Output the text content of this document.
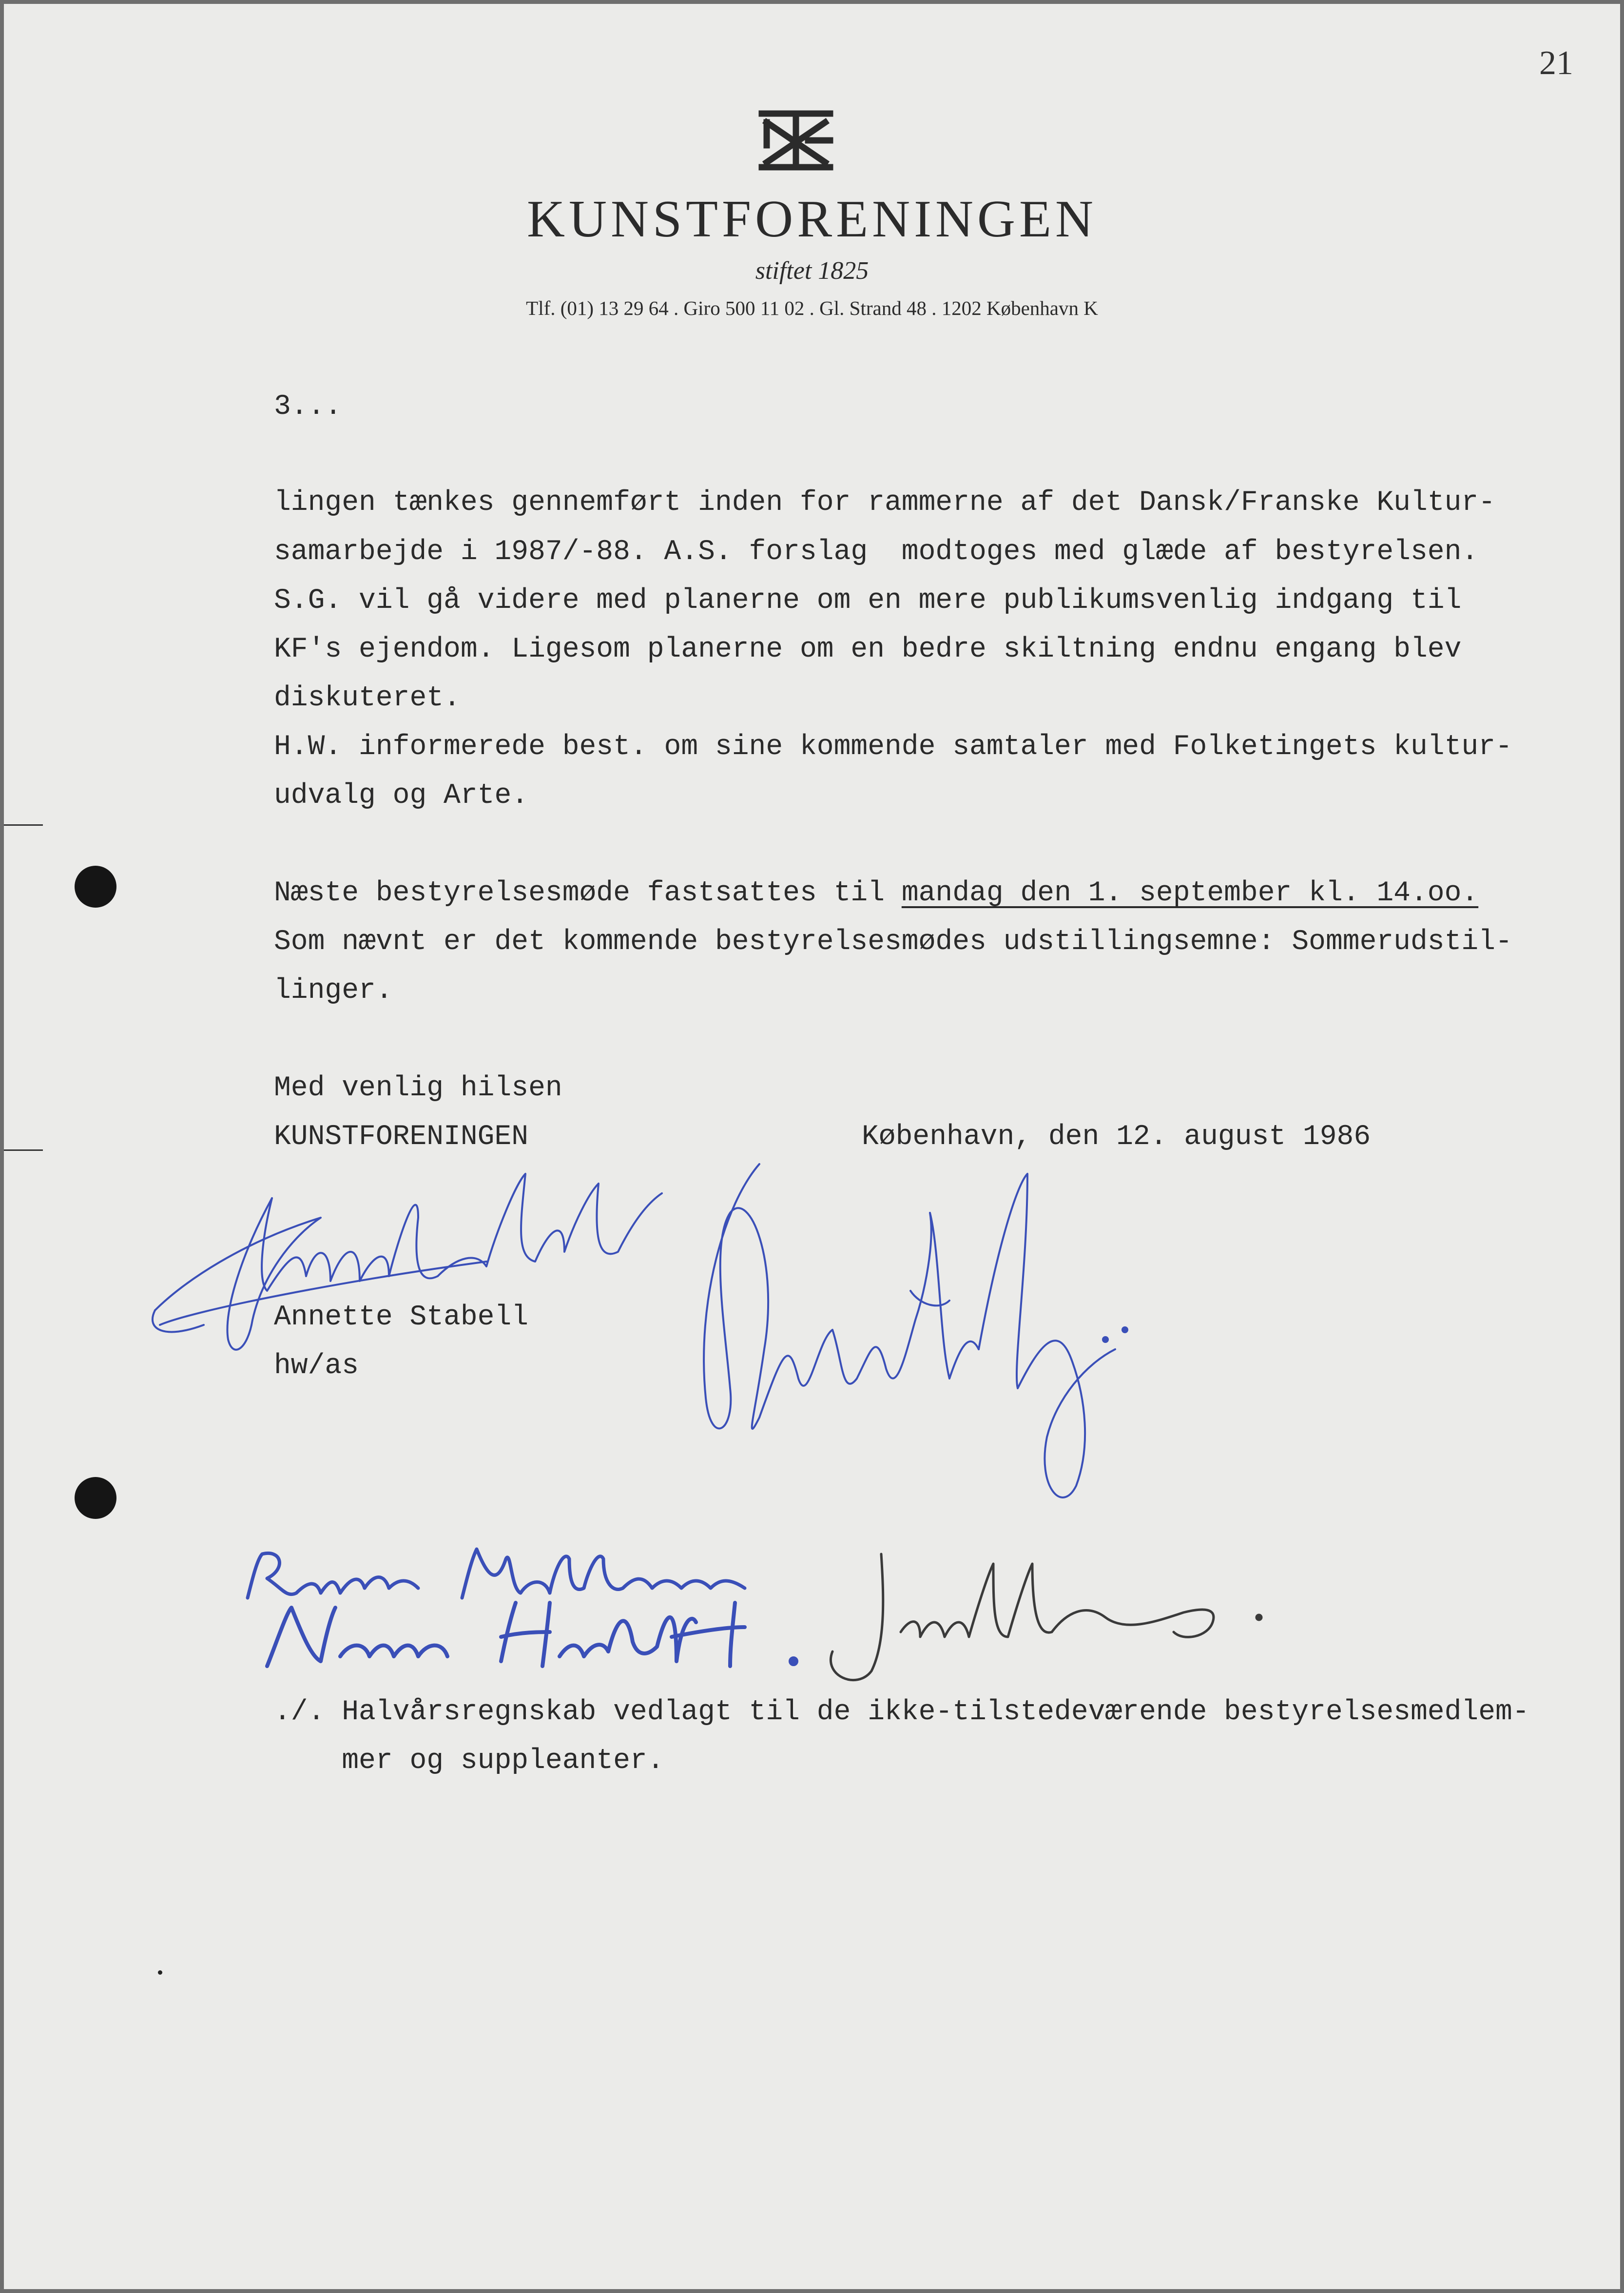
21
KUNSTFORENINGEN
stiftet 1825
Tlf. (01) 13 29 64 . Giro 500 11 02 . Gl. Strand 48 . 1202 København K
3...
lingen tænkes gennemført inden for rammerne af det Dansk/Franske Kultur-
samarbejde i 1987/-88. A.S. forslag  modtoges med glæde af bestyrelsen.
S.G. vil gå videre med planerne om en mere publikumsvenlig indgang til
KF's ejendom. Ligesom planerne om en bedre skiltning endnu engang blev
diskuteret.
H.W. informerede best. om sine kommende samtaler med Folketingets kultur-
udvalg og Arte.
Næste bestyrelsesmøde fastsattes til mandag den 1. september kl. 14.oo.
Som nævnt er det kommende bestyrelsesmødes udstillingsemne: Sommerudstil-
linger.
Med venlig hilsen
KUNSTFORENINGEN	København, den 12. august 1986
Annette Stabell
hw/as
./. Halvårsregnskab vedlagt til de ikke-tilstedeværende bestyrelsesmedlem-
mer og suppleanter.
